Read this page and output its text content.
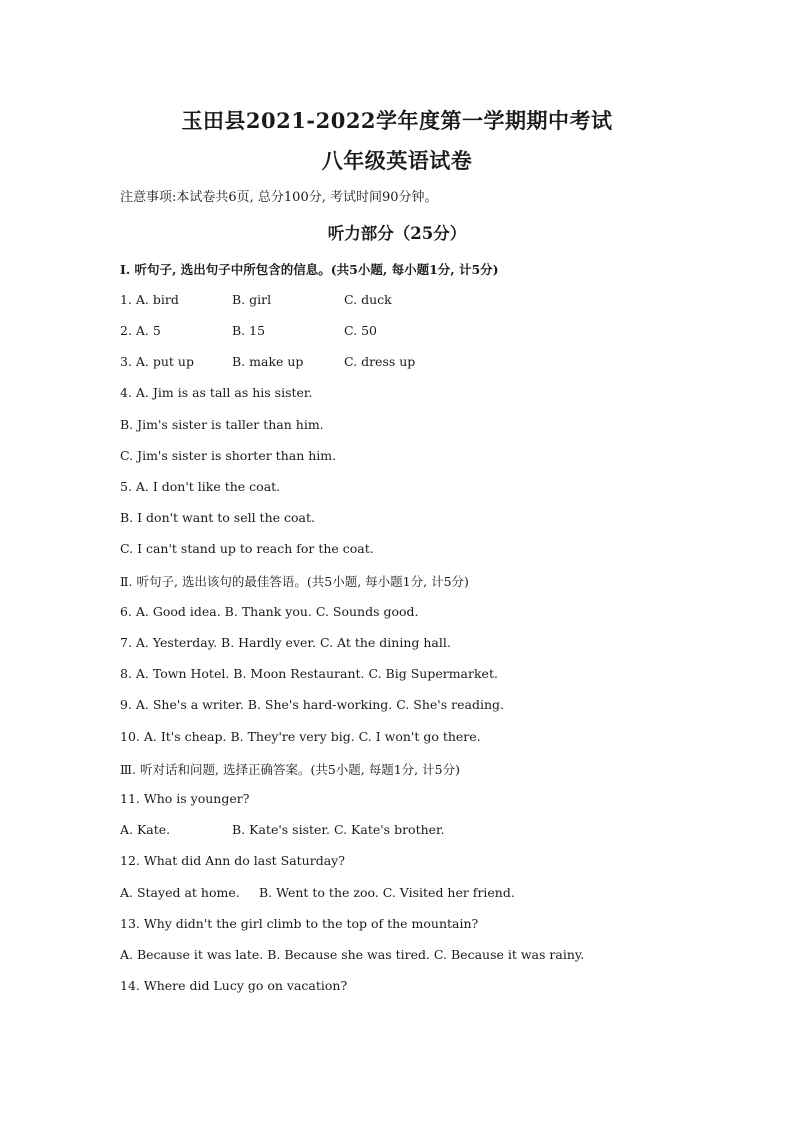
玉田县2021-2022学年度第一学期期中考试
八年级英语试卷
注意事项:本试卷共6页, 总分100分, 考试时间90分钟。
听力部分（25分）
I. 听句子, 选出句子中所包含的信息。(共5小题, 每小题1分, 计5分)
1. A. bird	B. girl	C. duck
2. A. 5	B. 15	C. 50
3. A. put up	B. make up	C. dress up
4. A. Jim is as tall as his sister.
B. Jim's sister is taller than him.
C. Jim's sister is shorter than him.
5. A. I don't like the coat.
B. I don't want to sell the coat.
C. I can't stand up to reach for the coat.
Ⅱ. 听句子, 选出该句的最佳答语。(共5小题, 每小题1分, 计5分)
6. A. Good idea. B. Thank you. C. Sounds good.
7. A. Yesterday. B. Hardly ever. C. At the dining hall.
8. A. Town Hotel. B. Moon Restaurant. C. Big Supermarket.
9. A. She's a writer. B. She's hard-working. C. She's reading.
10. A. It's cheap. B. They're very big. C. I won't go there.
Ⅲ. 听对话和问题, 选择正确答案。(共5小题, 每题1分, 计5分)
11. Who is younger?
A. Kate.	B. Kate's sister. C. Kate's brother.
12. What did Ann do last Saturday?
A. Stayed at home. B. Went to the zoo. C. Visited her friend.
13. Why didn't the girl climb to the top of the mountain?
A. Because it was late. B. Because she was tired. C. Because it was rainy.
14. Where did Lucy go on vacation?
